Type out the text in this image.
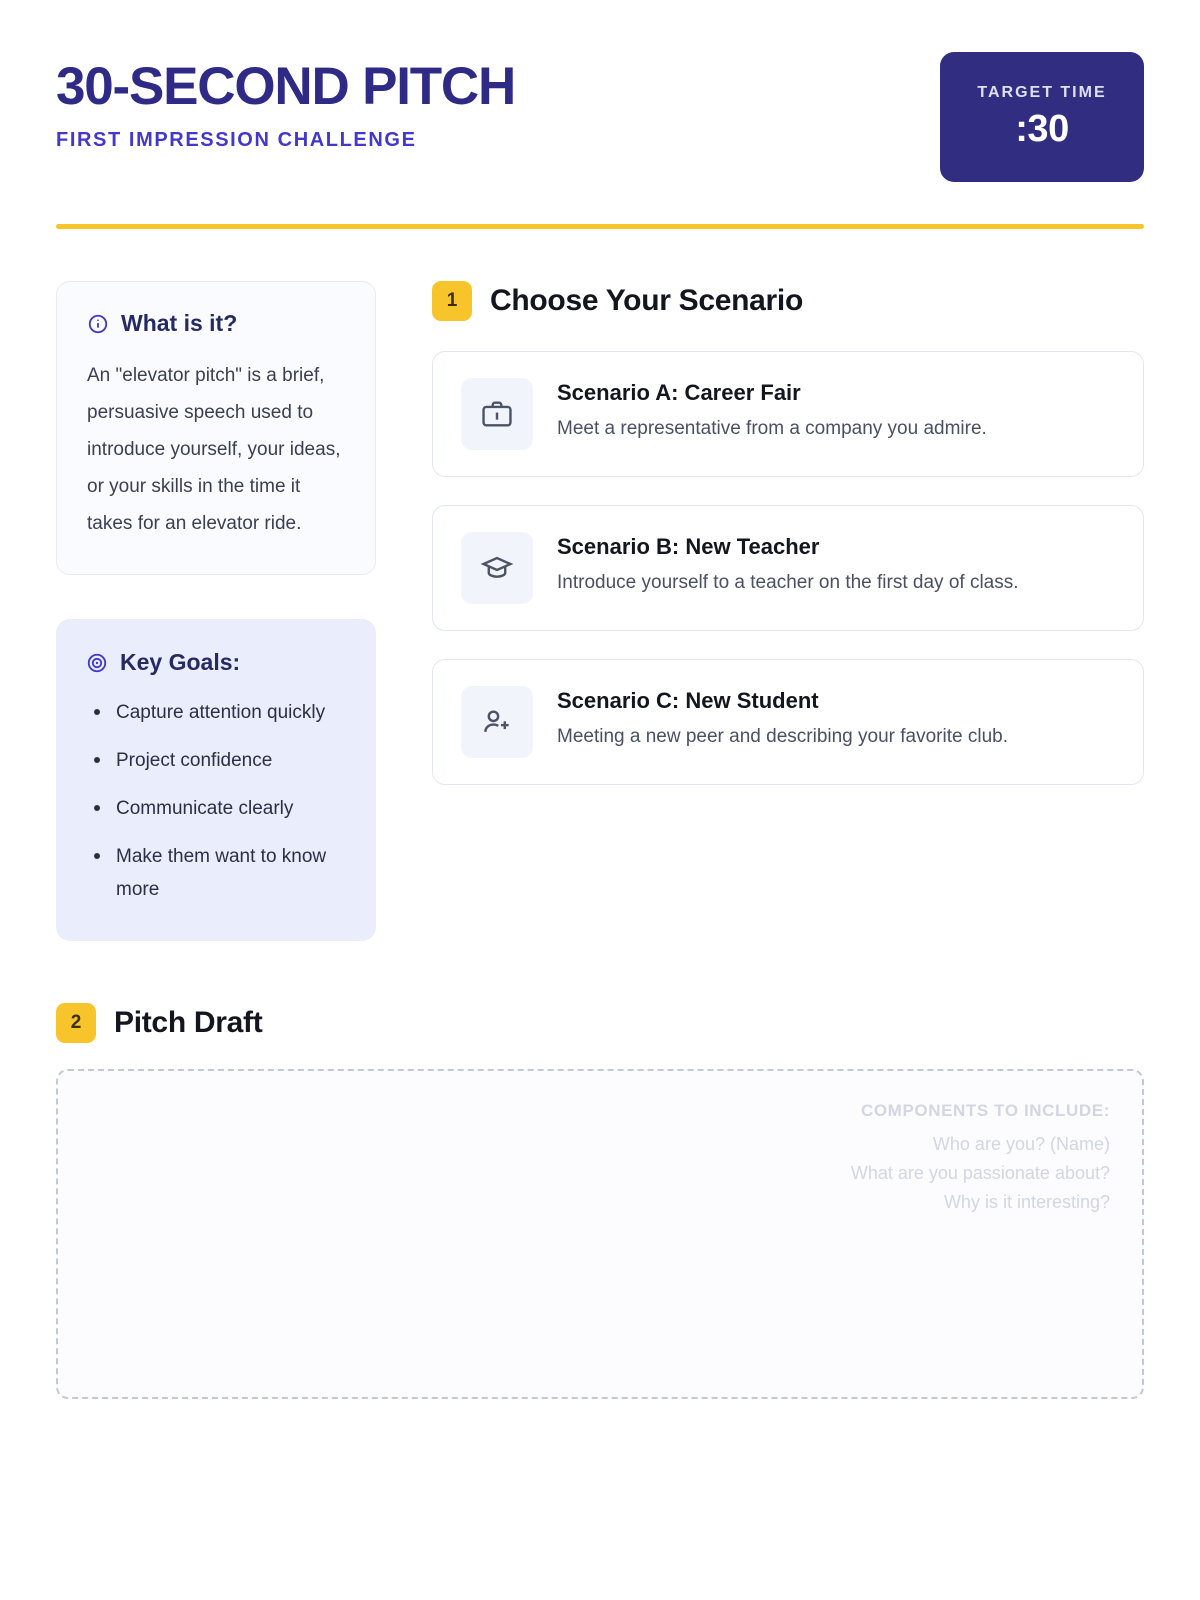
30-SECOND PITCH
FIRST IMPRESSION CHALLENGE
TARGET TIME
:30
What is it?
An "elevator pitch" is a brief, persuasive speech used to introduce yourself, your ideas, or your skills in the time it takes for an elevator ride.
Key Goals:
Capture attention quickly
Project confidence
Communicate clearly
Make them want to know more
1	Choose Your Scenario
Scenario A: Career Fair
Meet a representative from a company you admire.
Scenario B: New Teacher
Introduce yourself to a teacher on the first day of class.
Scenario C: New Student
Meeting a new peer and describing your favorite club.
2	Pitch Draft
COMPONENTS TO INCLUDE:
Who are you? (Name)
What are you passionate about?
Why is it interesting?
